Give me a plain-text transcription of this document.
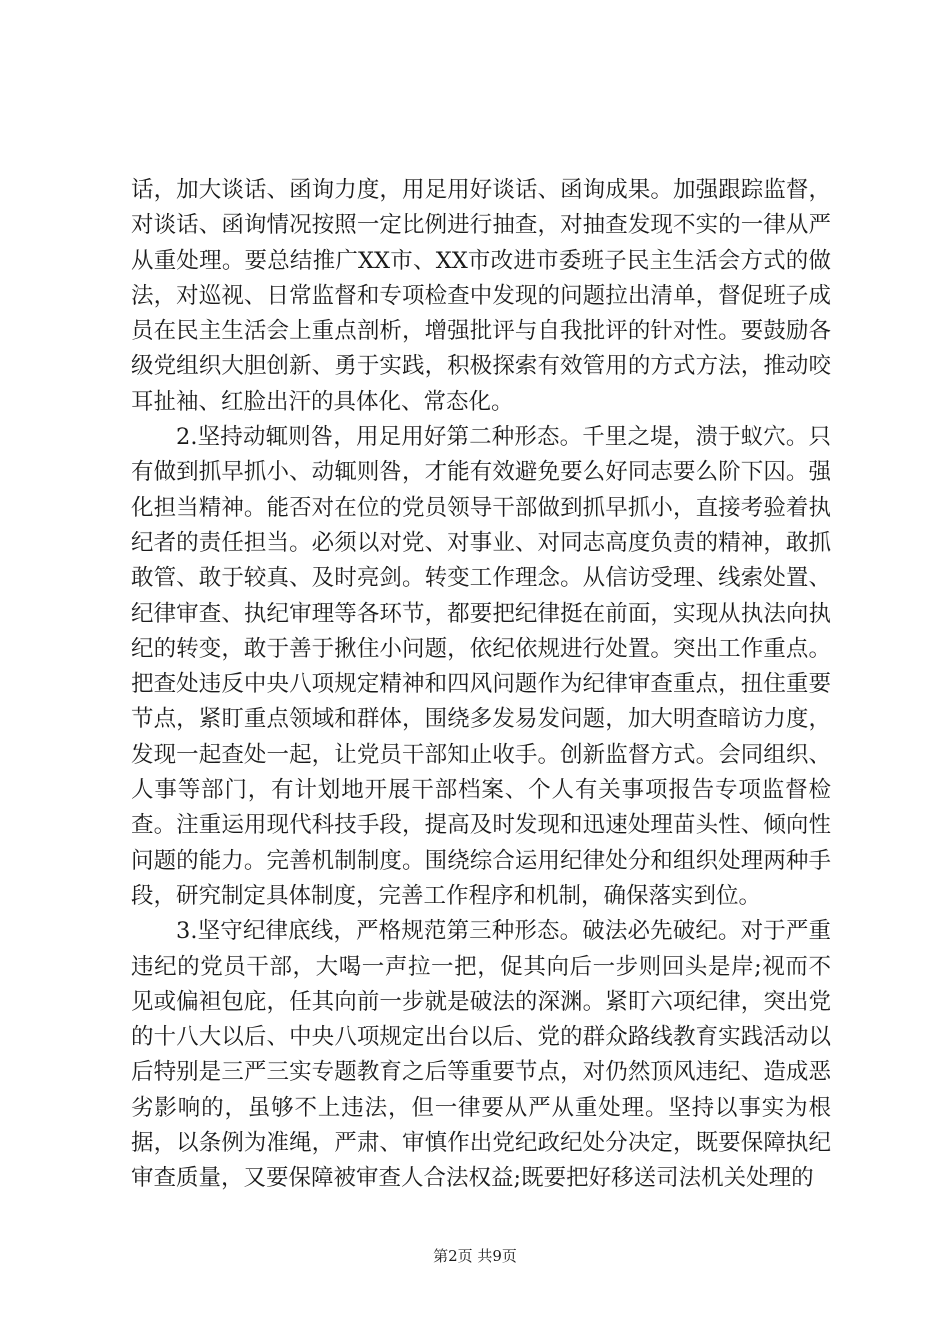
话，加大谈话、函询力度，用足用好谈话、函询成果。加强跟踪监督，对谈话、函询情况按照一定比例进行抽查，对抽查发现不实的一律从严从重处理。要总结推广XX市、XX市改进市委班子民主生活会方式的做法，对巡视、日常监督和专项检查中发现的问题拉出清单，督促班子成员在民主生活会上重点剖析，增强批评与自我批评的针对性。要鼓励各级党组织大胆创新、勇于实践，积极探索有效管用的方式方法，推动咬耳扯袖、红脸出汗的具体化、常态化。

2.坚持动辄则咎，用足用好第二种形态。千里之堤，溃于蚁穴。只有做到抓早抓小、动辄则咎，才能有效避免要么好同志要么阶下囚。强化担当精神。能否对在位的党员领导干部做到抓早抓小，直接考验着执纪者的责任担当。必须以对党、对事业、对同志高度负责的精神，敢抓敢管、敢于较真、及时亮剑。转变工作理念。从信访受理、线索处置、纪律审查、执纪审理等各环节，都要把纪律挺在前面，实现从执法向执纪的转变，敢于善于揪住小问题，依纪依规进行处置。突出工作重点。把查处违反中央八项规定精神和四风问题作为纪律审查重点，扭住重要节点，紧盯重点领域和群体，围绕多发易发问题，加大明查暗访力度，发现一起查处一起，让党员干部知止收手。创新监督方式。会同组织、人事等部门，有计划地开展干部档案、个人有关事项报告专项监督检查。注重运用现代科技手段，提高及时发现和迅速处理苗头性、倾向性问题的能力。完善机制制度。围绕综合运用纪律处分和组织处理两种手段，研究制定具体制度，完善工作程序和机制，确保落实到位。

3.坚守纪律底线，严格规范第三种形态。破法必先破纪。对于严重违纪的党员干部，大喝一声拉一把，促其向后一步则回头是岸;视而不见或偏袒包庇，任其向前一步就是破法的深渊。紧盯六项纪律，突出党的十八大以后、中央八项规定出台以后、党的群众路线教育实践活动以后特别是三严三实专题教育之后等重要节点，对仍然顶风违纪、造成恶劣影响的，虽够不上违法，但一律要从严从重处理。坚持以事实为根据，以条例为准绳，严肃、审慎作出党纪政纪处分决定，既要保障执纪审查质量，又要保障被审查人合法权益;既要把好移送司法机关处理的

第2页 共9页
